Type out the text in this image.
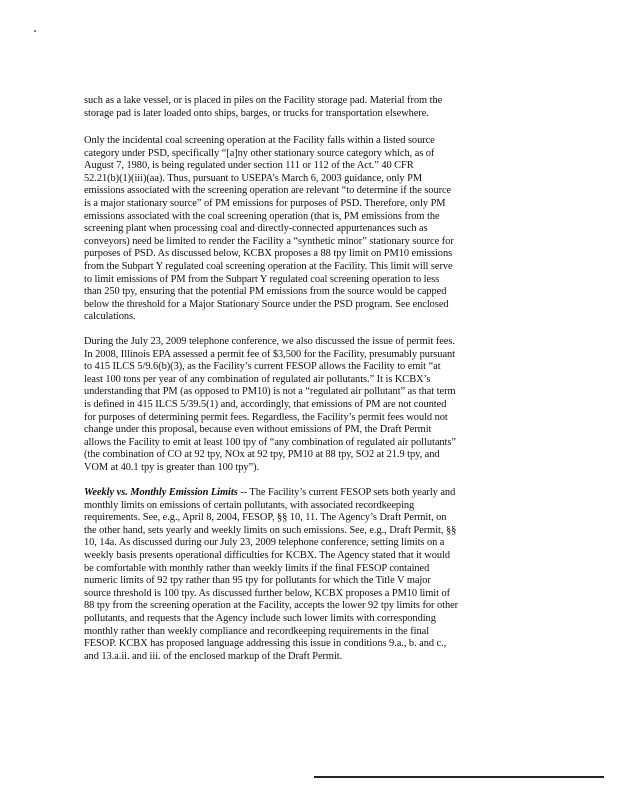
such as a lake vessel, or is placed in piles on the Facility storage pad. Material from the
storage pad is later loaded onto ships, barges, or trucks for transportation elsewhere.
Only the incidental coal screening operation at the Facility falls within a listed source
category under PSD, specifically “[a]ny other stationary source category which, as of
August 7, 1980, is being regulated under section 111 or 112 of the Act.” 40 CFR
52.21(b)(1)(iii)(aa). Thus, pursuant to USEPA’s March 6, 2003 guidance, only PM
emissions associated with the screening operation are relevant “to determine if the source
is a major stationary source” of PM emissions for purposes of PSD. Therefore, only PM
emissions associated with the coal screening operation (that is, PM emissions from the
screening plant when processing coal and directly-connected appurtenances such as
conveyors) need be limited to render the Facility a “synthetic minor” stationary source for
purposes of PSD. As discussed below, KCBX proposes a 88 tpy limit on PM10 emissions
from the Subpart Y regulated coal screening operation at the Facility. This limit will serve
to limit emissions of PM from the Subpart Y regulated coal screening operation to less
than 250 tpy, ensuring that the potential PM emissions from the source would be capped
below the threshold for a Major Stationary Source under the PSD program. See enclosed
calculations.
During the July 23, 2009 telephone conference, we also discussed the issue of permit fees.
In 2008, Illinois EPA assessed a permit fee of $3,500 for the Facility, presumably pursuant
to 415 ILCS 5/9.6(b)(3), as the Facility’s current FESOP allows the Facility to emit “at
least 100 tons per year of any combination of regulated air pollutants.” It is KCBX’s
understanding that PM (as opposed to PM10) is not a “regulated air pollutant” as that term
is defined in 415 ILCS 5/39.5(1) and, accordingly, that emissions of PM are not counted
for purposes of determining permit fees. Regardless, the Facility’s permit fees would not
change under this proposal, because even without emissions of PM, the Draft Permit
allows the Facility to emit at least 100 tpy of “any combination of regulated air pollutants”
(the combination of CO at 92 tpy, NOx at 92 tpy, PM10 at 88 tpy, SO2 at 21.9 tpy, and
VOM at 40.1 tpy is greater than 100 tpy”).
Weekly vs. Monthly Emission Limits -- The Facility’s current FESOP sets both yearly and
monthly limits on emissions of certain pollutants, with associated recordkeeping
requirements. See, e.g., April 8, 2004, FESOP, §§ 10, 11. The Agency’s Draft Permit, on
the other hand, sets yearly and weekly limits on such emissions. See, e.g., Draft Permit, §§
10, 14a. As discussed during our July 23, 2009 telephone conference, setting limits on a
weekly basis presents operational difficulties for KCBX. The Agency stated that it would
be comfortable with monthly rather than weekly limits if the final FESOP contained
numeric limits of 92 tpy rather than 95 tpy for pollutants for which the Title V major
source threshold is 100 tpy. As discussed further below, KCBX proposes a PM10 limit of
88 tpy from the screening operation at the Facility, accepts the lower 92 tpy limits for other
pollutants, and requests that the Agency include such lower limits with corresponding
monthly rather than weekly compliance and recordkeeping requirements in the final
FESOP. KCBX has proposed language addressing this issue in conditions 9.a., b. and c.,
and 13.a.ii. and iii. of the enclosed markup of the Draft Permit.
